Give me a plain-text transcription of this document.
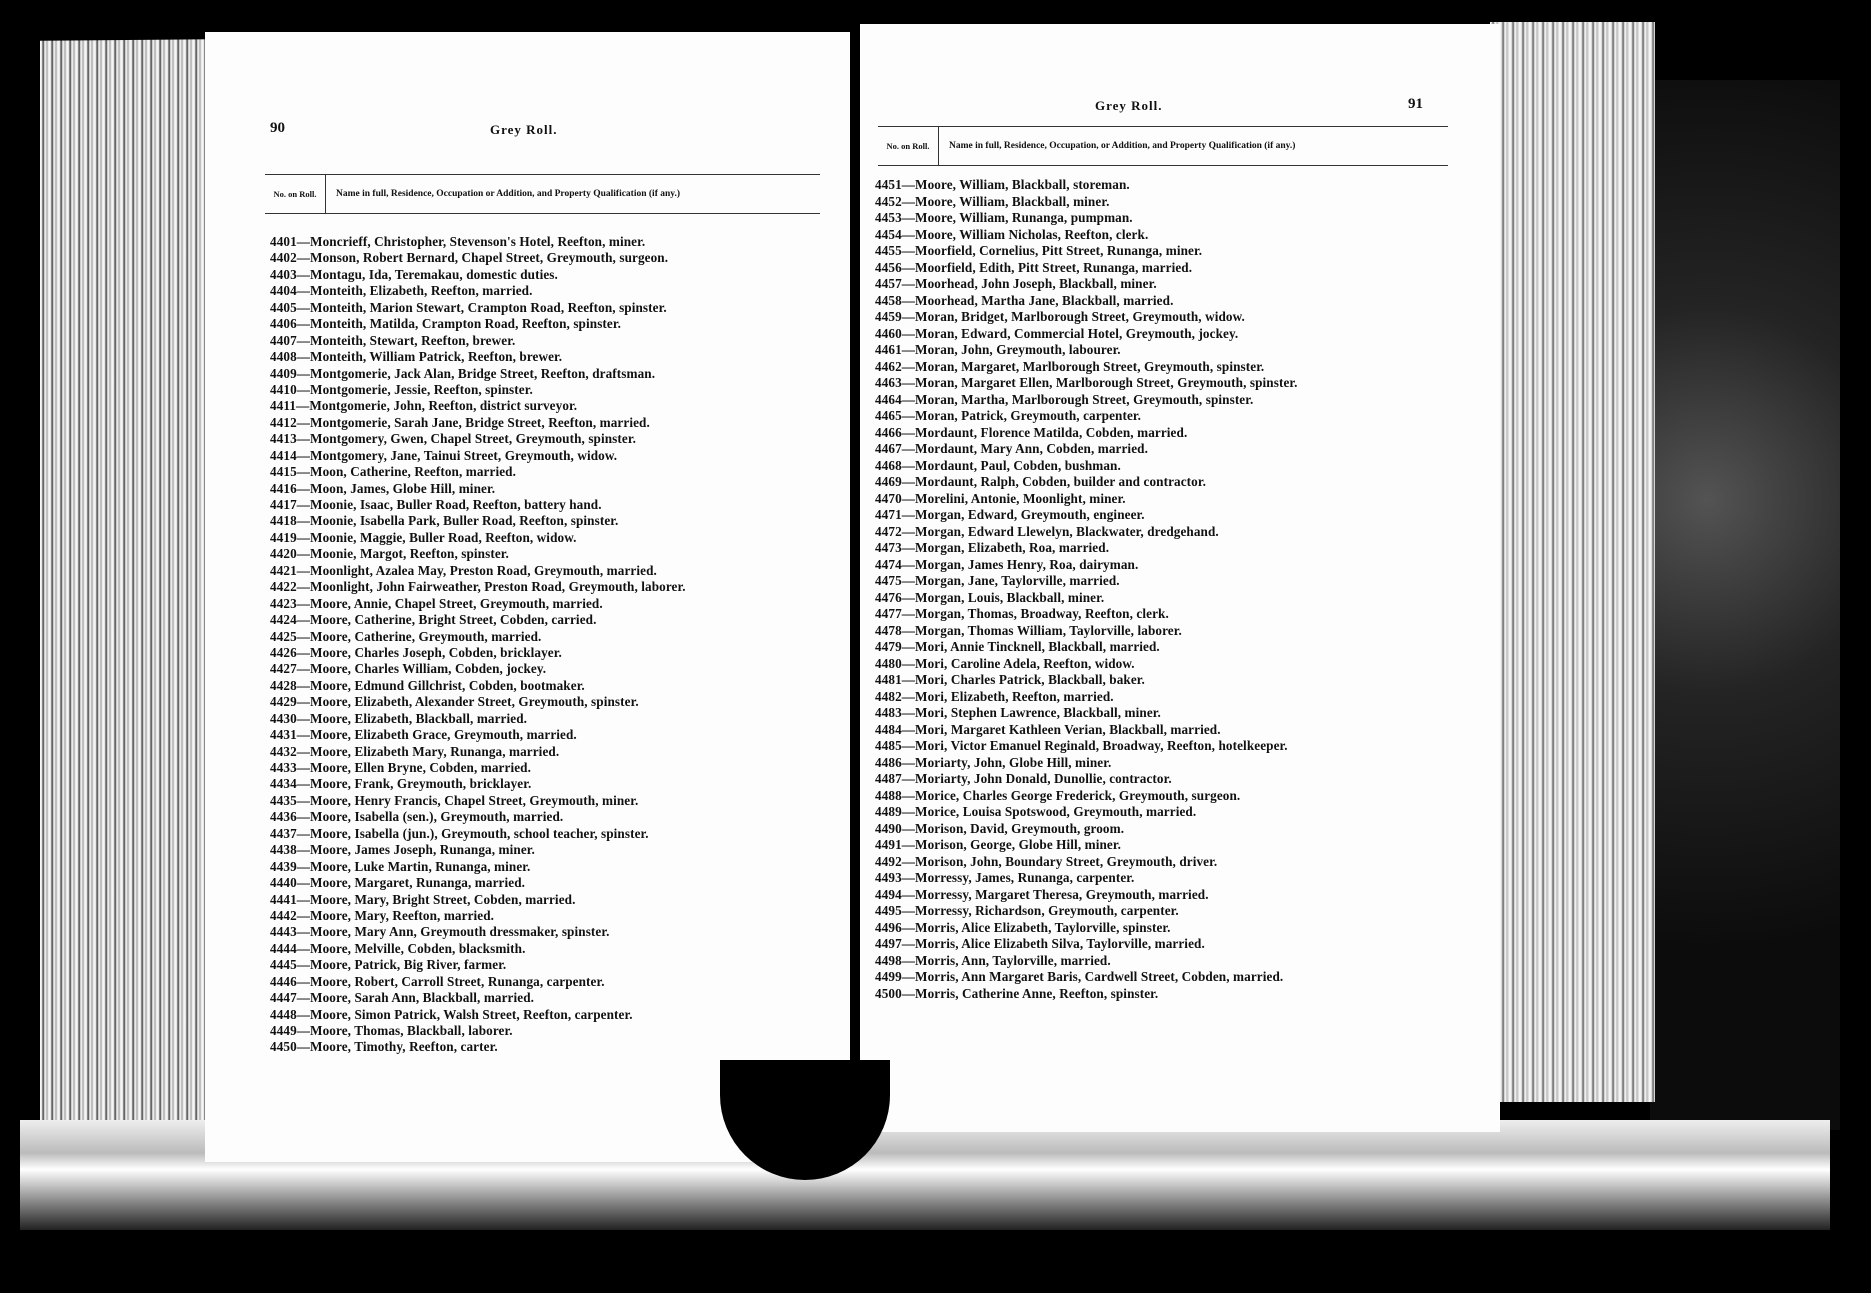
90	Grey Roll.
No. on Roll.	Name in full, Residence, Occupation or Addition, and Property Qualification (if any.)
4401—Moncrieff, Christopher, Stevenson's Hotel, Reefton, miner.
4402—Monson, Robert Bernard, Chapel Street, Greymouth, surgeon.
4403—Montagu, Ida, Teremakau, domestic duties.
4404—Monteith, Elizabeth, Reefton, married.
4405—Monteith, Marion Stewart, Crampton Road, Reefton, spinster.
4406—Monteith, Matilda, Crampton Road, Reefton, spinster.
4407—Monteith, Stewart, Reefton, brewer.
4408—Monteith, William Patrick, Reefton, brewer.
4409—Montgomerie, Jack Alan, Bridge Street, Reefton, draftsman.
4410—Montgomerie, Jessie, Reefton, spinster.
4411—Montgomerie, John, Reefton, district surveyor.
4412—Montgomerie, Sarah Jane, Bridge Street, Reefton, married.
4413—Montgomery, Gwen, Chapel Street, Greymouth, spinster.
4414—Montgomery, Jane, Tainui Street, Greymouth, widow.
4415—Moon, Catherine, Reefton, married.
4416—Moon, James, Globe Hill, miner.
4417—Moonie, Isaac, Buller Road, Reefton, battery hand.
4418—Moonie, Isabella Park, Buller Road, Reefton, spinster.
4419—Moonie, Maggie, Buller Road, Reefton, widow.
4420—Moonie, Margot, Reefton, spinster.
4421—Moonlight, Azalea May, Preston Road, Greymouth, married.
4422—Moonlight, John Fairweather, Preston Road, Greymouth, laborer.
4423—Moore, Annie, Chapel Street, Greymouth, married.
4424—Moore, Catherine, Bright Street, Cobden, carried.
4425—Moore, Catherine, Greymouth, married.
4426—Moore, Charles Joseph, Cobden, bricklayer.
4427—Moore, Charles William, Cobden, jockey.
4428—Moore, Edmund Gillchrist, Cobden, bootmaker.
4429—Moore, Elizabeth, Alexander Street, Greymouth, spinster.
4430—Moore, Elizabeth, Blackball, married.
4431—Moore, Elizabeth Grace, Greymouth, married.
4432—Moore, Elizabeth Mary, Runanga, married.
4433—Moore, Ellen Bryne, Cobden, married.
4434—Moore, Frank, Greymouth, bricklayer.
4435—Moore, Henry Francis, Chapel Street, Greymouth, miner.
4436—Moore, Isabella (sen.), Greymouth, married.
4437—Moore, Isabella (jun.), Greymouth, school teacher, spinster.
4438—Moore, James Joseph, Runanga, miner.
4439—Moore, Luke Martin, Runanga, miner.
4440—Moore, Margaret, Runanga, married.
4441—Moore, Mary, Bright Street, Cobden, married.
4442—Moore, Mary, Reefton, married.
4443—Moore, Mary Ann, Greymouth dressmaker, spinster.
4444—Moore, Melville, Cobden, blacksmith.
4445—Moore, Patrick, Big River, farmer.
4446—Moore, Robert, Carroll Street, Runanga, carpenter.
4447—Moore, Sarah Ann, Blackball, married.
4448—Moore, Simon Patrick, Walsh Street, Reefton, carpenter.
4449—Moore, Thomas, Blackball, laborer.
4450—Moore, Timothy, Reefton, carter.
Grey Roll.	91
No. on Roll.	Name in full, Residence, Occupation, or Addition, and Property Qualification (if any.)
4451—Moore, William, Blackball, storeman.
4452—Moore, William, Blackball, miner.
4453—Moore, William, Runanga, pumpman.
4454—Moore, William Nicholas, Reefton, clerk.
4455—Moorfield, Cornelius, Pitt Street, Runanga, miner.
4456—Moorfield, Edith, Pitt Street, Runanga, married.
4457—Moorhead, John Joseph, Blackball, miner.
4458—Moorhead, Martha Jane, Blackball, married.
4459—Moran, Bridget, Marlborough Street, Greymouth, widow.
4460—Moran, Edward, Commercial Hotel, Greymouth, jockey.
4461—Moran, John, Greymouth, labourer.
4462—Moran, Margaret, Marlborough Street, Greymouth, spinster.
4463—Moran, Margaret Ellen, Marlborough Street, Greymouth, spinster.
4464—Moran, Martha, Marlborough Street, Greymouth, spinster.
4465—Moran, Patrick, Greymouth, carpenter.
4466—Mordaunt, Florence Matilda, Cobden, married.
4467—Mordaunt, Mary Ann, Cobden, married.
4468—Mordaunt, Paul, Cobden, bushman.
4469—Mordaunt, Ralph, Cobden, builder and contractor.
4470—Morelini, Antonie, Moonlight, miner.
4471—Morgan, Edward, Greymouth, engineer.
4472—Morgan, Edward Llewelyn, Blackwater, dredgehand.
4473—Morgan, Elizabeth, Roa, married.
4474—Morgan, James Henry, Roa, dairyman.
4475—Morgan, Jane, Taylorville, married.
4476—Morgan, Louis, Blackball, miner.
4477—Morgan, Thomas, Broadway, Reefton, clerk.
4478—Morgan, Thomas William, Taylorville, laborer.
4479—Mori, Annie Tincknell, Blackball, married.
4480—Mori, Caroline Adela, Reefton, widow.
4481—Mori, Charles Patrick, Blackball, baker.
4482—Mori, Elizabeth, Reefton, married.
4483—Mori, Stephen Lawrence, Blackball, miner.
4484—Mori, Margaret Kathleen Verian, Blackball, married.
4485—Mori, Victor Emanuel Reginald, Broadway, Reefton, hotelkeeper.
4486—Moriarty, John, Globe Hill, miner.
4487—Moriarty, John Donald, Dunollie, contractor.
4488—Morice, Charles George Frederick, Greymouth, surgeon.
4489—Morice, Louisa Spotswood, Greymouth, married.
4490—Morison, David, Greymouth, groom.
4491—Morison, George, Globe Hill, miner.
4492—Morison, John, Boundary Street, Greymouth, driver.
4493—Morressy, James, Runanga, carpenter.
4494—Morressy, Margaret Theresa, Greymouth, married.
4495—Morressy, Richardson, Greymouth, carpenter.
4496—Morris, Alice Elizabeth, Taylorville, spinster.
4497—Morris, Alice Elizabeth Silva, Taylorville, married.
4498—Morris, Ann, Taylorville, married.
4499—Morris, Ann Margaret Baris, Cardwell Street, Cobden, married.
4500—Morris, Catherine Anne, Reefton, spinster.
